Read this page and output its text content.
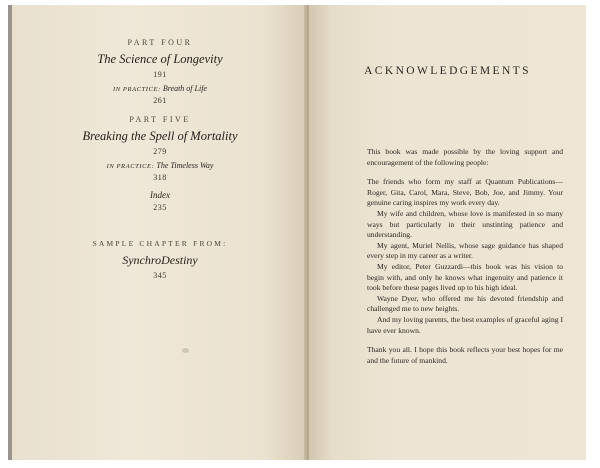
PART FOUR
The Science of Longevity
191
IN PRACTICE: Breath of Life
261
PART FIVE
Breaking the Spell of Mortality
279
IN PRACTICE: The Timeless Way
318
Index
235
SAMPLE CHAPTER FROM:
SynchroDestiny
345
ACKNOWLEDGEMENTS

This book was made possible by the loving support and encouragement of the following people:

The friends who form my staff at Quantum Publications—Roger, Gita, Carol, Mara, Steve, Bob, Joe, and Jimmy. Your genuine caring inspires my work every day.

My wife and children, whose love is manifested in so many ways but particularly in their unstinting patience and understanding.

My agent, Muriel Nellis, whose sage guidance has shaped every step in my career as a writer.

My editor, Peter Guzzardi—this book was his vision to begin with, and only he knows what ingenuity and patience it took before these pages lived up to his high ideal.

Wayne Dyer, who offered me his devoted friendship and challenged me to new heights.

And my loving parents, the best examples of graceful aging I have ever known.

Thank you all. I hope this book reflects your best hopes for me and the future of mankind.
